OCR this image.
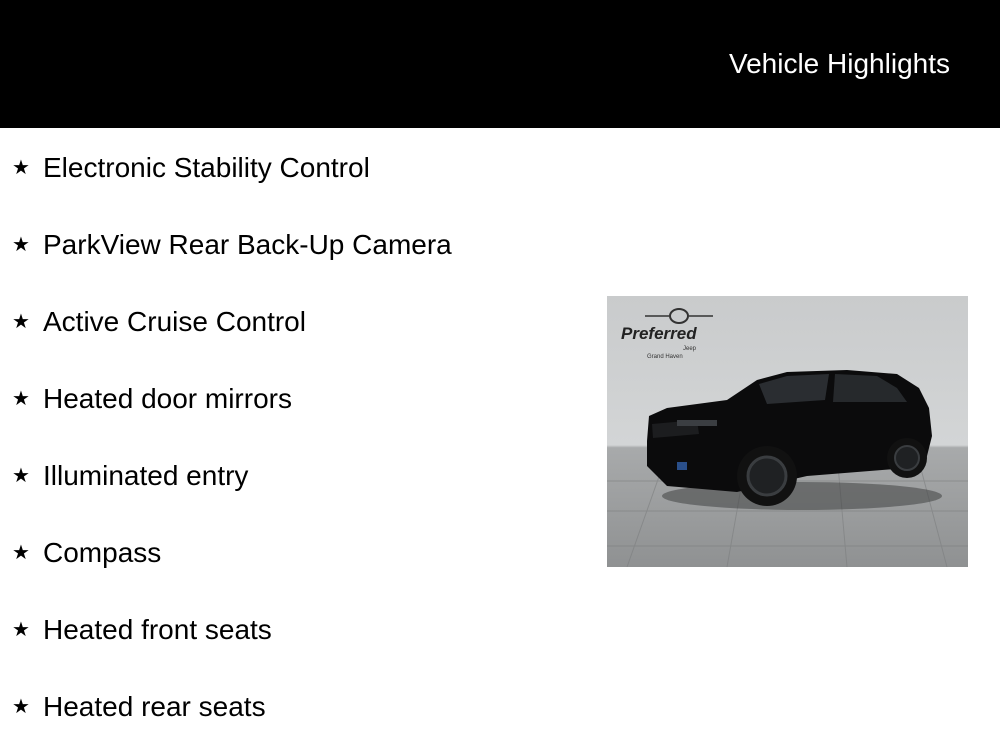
Vehicle Highlights
★ Electronic Stability Control
★ ParkView Rear Back-Up Camera
★ Active Cruise Control
★ Heated door mirrors
★ Illuminated entry
★ Compass
★ Heated front seats
★ Heated rear seats
Preferred
Jeep
Grand Haven
